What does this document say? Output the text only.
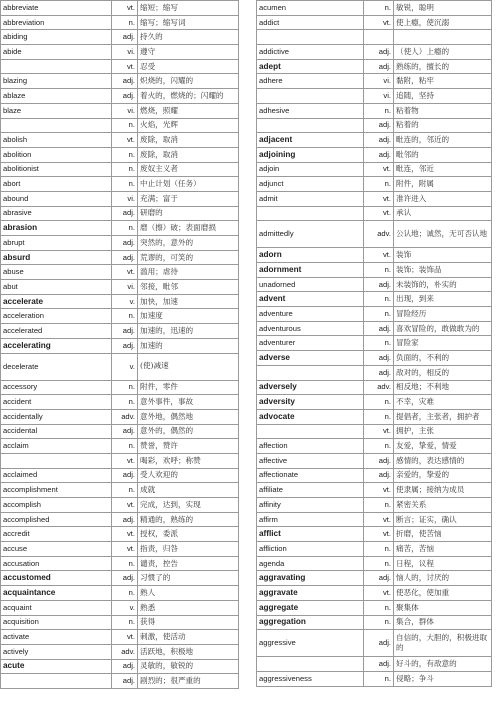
abbreviate	vt.	缩短；缩写
abbreviation	n.	缩写；缩写词
abiding	adj.	持久的
abide	vi.	遵守
	vt.	忍受
blazing	adj.	炽烧的，闪耀的
ablaze	adj.	着火的，燃烧的；闪耀的
blaze	vi.	燃烧，照耀
	n.	火焰，光辉
abolish	vt.	废除，取消
abolition	n.	废除，取消
abolitionist	n.	废奴主义者
abort	n.	中止计划（任务）
abound	vi.	充满；富于
abrasive	adj.	研磨的
abrasion	n.	磨（擦）破；表面磨损
abrupt	adj.	突然的，意外的
absurd	adj.	荒谬的，可笑的
abuse	vt.	滥用；虐待
abut	vi.	邻接，毗邻
accelerate	v.	加快，加速
acceleration	n.	加速度
accelerated	adj.	加速的，迅速的
accelerating	adj.	加速的
decelerate	v.	(使)减速
accessory	n.	附件，零件
accident	n.	意外事件，事故
accidentally	adv.	意外地，偶然地
accidental	adj.	意外的，偶然的
acclaim	n.	赞誉，赞许
	vt.	喝彩，欢呼；称赞
acclaimed	adj.	受人欢迎的
accomplishment	n.	成就
accomplish	vt.	完成，达到，实现
accomplished	adj.	精通的，熟练的
accredit	vt.	授权，委派
accuse	vt.	指责，归咎
accusation	n.	谴责，控告
accustomed	adj.	习惯了的
acquaintance	n.	熟人
acquaint	v.	熟悉
acquisition	n.	获得
activate	vt.	刺激，使活动
actively	adv.	活跃地，积极地
acute	adj.	灵敏的，敏锐的
	adj.	剧烈的；很严重的
acumen	n.	敏锐，聪明
addict	vt.	使上瘾，使沉溺

addictive	adj.	（使人）上瘾的
adept	adj.	熟练的，擅长的
adhere	vi.	黏附，粘牢
	vi.	追随，坚持
adhesive	n.	粘着物
	adj.	粘着的
adjacent	adj.	毗连的，邻近的
adjoining	adj.	毗邻的
adjoin	vt.	毗连，邻近
adjunct	n.	附件，附属
admit	vt.	准许进入
	vt.	承认
admittedly	adv.	公认地；诚然，无可否认地
adorn	vt.	装饰
adornment	n.	装饰；装饰品
unadorned	adj.	未装饰的，朴实的
advent	n.	出现，到来
adventure	n.	冒险经历
adventurous	adj.	喜欢冒险的，敢做敢为的
adventurer	n.	冒险家
adverse	adj.	负面的，不利的
	adj.	敌对的，相反的
adversely	adv.	相反地；不利地
adversity	n.	不幸，灾难
advocate	n.	提倡者，主张者，拥护者
	vt.	拥护，主张
affection	n.	友爱，挚爱，情爱
affective	adj.	感情的，表达感情的
affectionate	adj.	亲爱的，挚爱的
affiliate	vt.	使隶属；接纳为成员
affinity	n.	紧密关系
affirm	vt.	断言；证实，确认
afflict	vt.	折磨，使苦恼
affliction	n.	痛苦，苦恼
agenda	n.	日程，议程
aggravating	adj.	恼人的，讨厌的
aggravate	vt.	使恶化，使加重
aggregate	n.	聚集体
aggregation	n.	集合，群体
aggressive	adj.	自信的，大胆的，积极进取的
	adj.	好斗的，有敌意的
aggressiveness	n.	侵略；争斗
